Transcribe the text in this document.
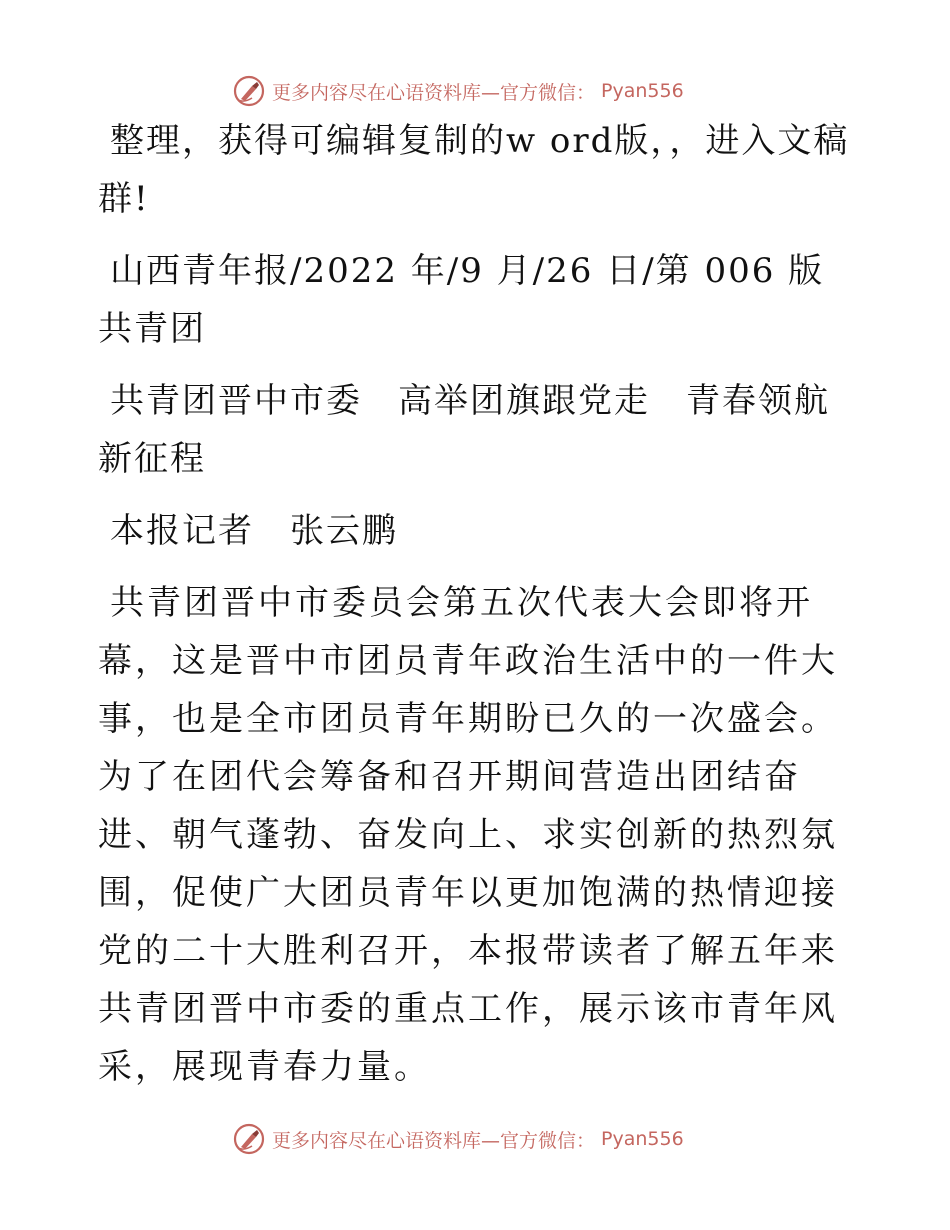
更多内容尽在心语资料库—官方微信： Pyan556

整理，获得可编辑复制的w ord版，，进入文稿群!

山西青年报/2022 年/9 月/26 日/第 006 版共青团

共青团晋中市委　高举团旗跟党走　青春领航新征程

本报记者　张云鹏

共青团晋中市委员会第五次代表大会即将开幕，这是晋中市团员青年政治生活中的一件大事，也是全市团员青年期盼已久的一次盛会。为了在团代会筹备和召开期间营造出团结奋进、朝气蓬勃、奋发向上、求实创新的热烈氛围，促使广大团员青年以更加饱满的热情迎接党的二十大胜利召开，本报带读者了解五年来共青团晋中市委的重点工作，展示该市青年风采，展现青春力量。

更多内容尽在心语资料库—官方微信： Pyan556
